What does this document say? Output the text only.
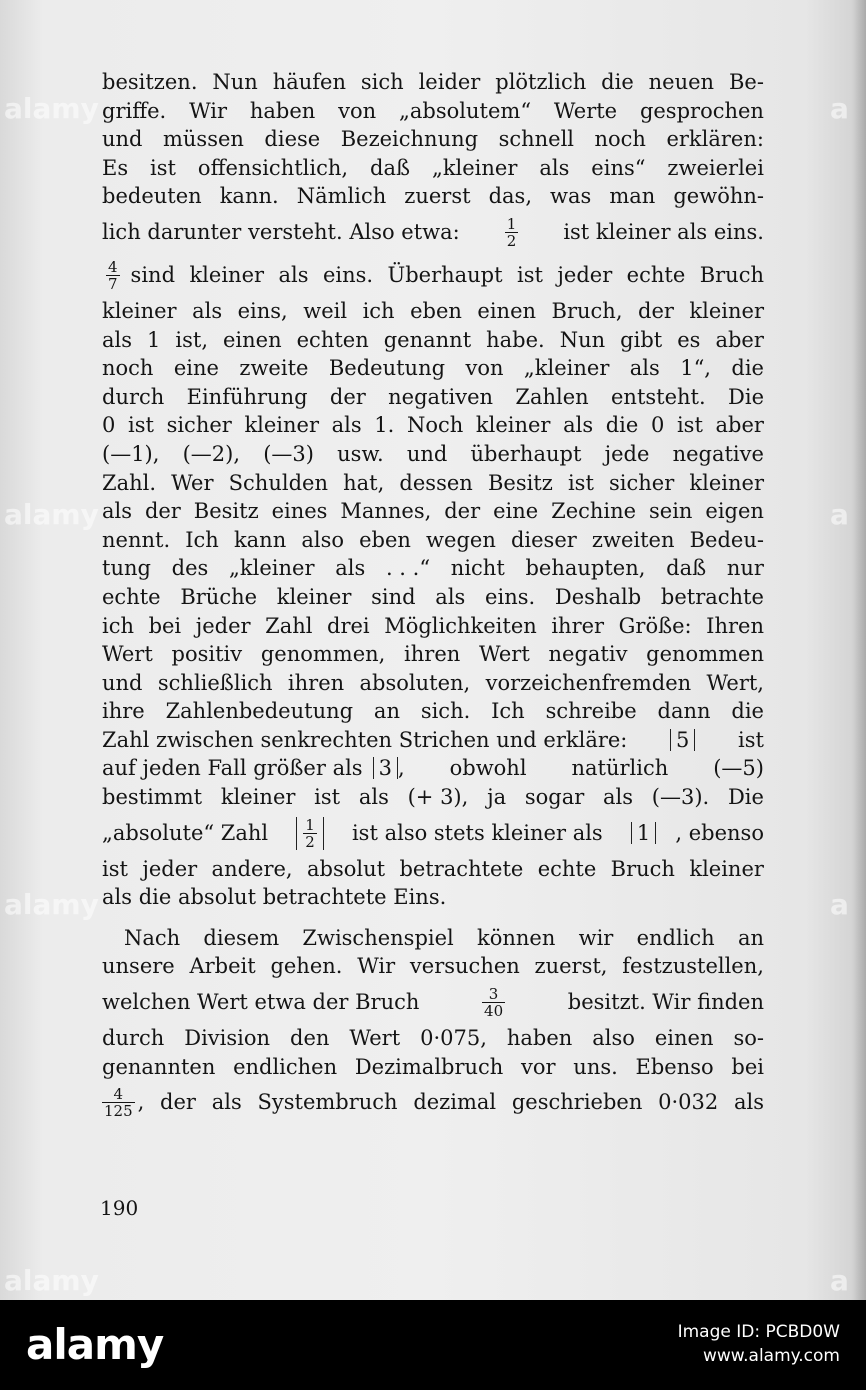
besitzen. Nun häufen sich leider plötzlich die neuen Be-
griffe. Wir haben von „absolutem“ Werte gesprochen
und müssen diese Bezeichnung schnell noch erklären:
Es ist offensichtlich, daß „kleiner als eins“ zweierlei
bedeuten kann. Nämlich zuerst das, was man gewöhn-
lich darunter versteht. Also etwa:	$\frac{1}{2}$ ist kleiner als eins.
$\frac{4}{7}$ sind kleiner als eins. Überhaupt ist jeder echte Bruch
kleiner als eins, weil ich eben einen Bruch, der kleiner
als 1 ist, einen echten genannt habe. Nun gibt es aber
noch eine zweite Bedeutung von „kleiner als 1“, die
durch Einführung der negativen Zahlen entsteht. Die
0 ist sicher kleiner als 1. Noch kleiner als die 0 ist aber
(—1), (—2), (—3) usw. und überhaupt jede negative
Zahl. Wer Schulden hat, dessen Besitz ist sicher kleiner
als der Besitz eines Mannes, der eine Zechine sein eigen
nennt. Ich kann also eben wegen dieser zweiten Bedeu-
tung des „kleiner als . . .“ nicht behaupten, daß nur
echte Brüche kleiner sind als eins. Deshalb betrachte
ich bei jeder Zahl drei Möglichkeiten ihrer Größe: Ihren
Wert positiv genommen, ihren Wert negativ genommen
und schließlich ihren absoluten, vorzeichenfremden Wert,
ihre Zahlenbedeutung an sich. Ich schreibe dann die
Zahl zwischen senkrechten Strichen und erkläre: 5 ist
auf jeden Fall größer als 3 , obwohl natürlich (—5)
bestimmt kleiner ist als (+ 3), ja sogar als (—3). Die
„absolute“ Zahl $\frac{1}{2}$ ist also stets kleiner als 1 , ebenso
ist jeder andere, absolut betrachtete echte Bruch kleiner
als die absolut betrachtete Eins.
Nach diesem Zwischenspiel können wir endlich an
unsere Arbeit gehen. Wir versuchen zuerst, festzustellen,
welchen Wert etwa der Bruch	$\frac{3}{40}$	besitzt. Wir finden
durch Division den Wert 0·075, haben also einen so-
genannten endlichen Dezimalbruch vor uns. Ebenso bei
$\frac{4}{125}$ , der als Systembruch dezimal geschrieben 0·032 als
190
alamy	a
alamy	a
alamy	a
alamy	a
alamy	Image ID: PCBD0W
www.alamy.com
